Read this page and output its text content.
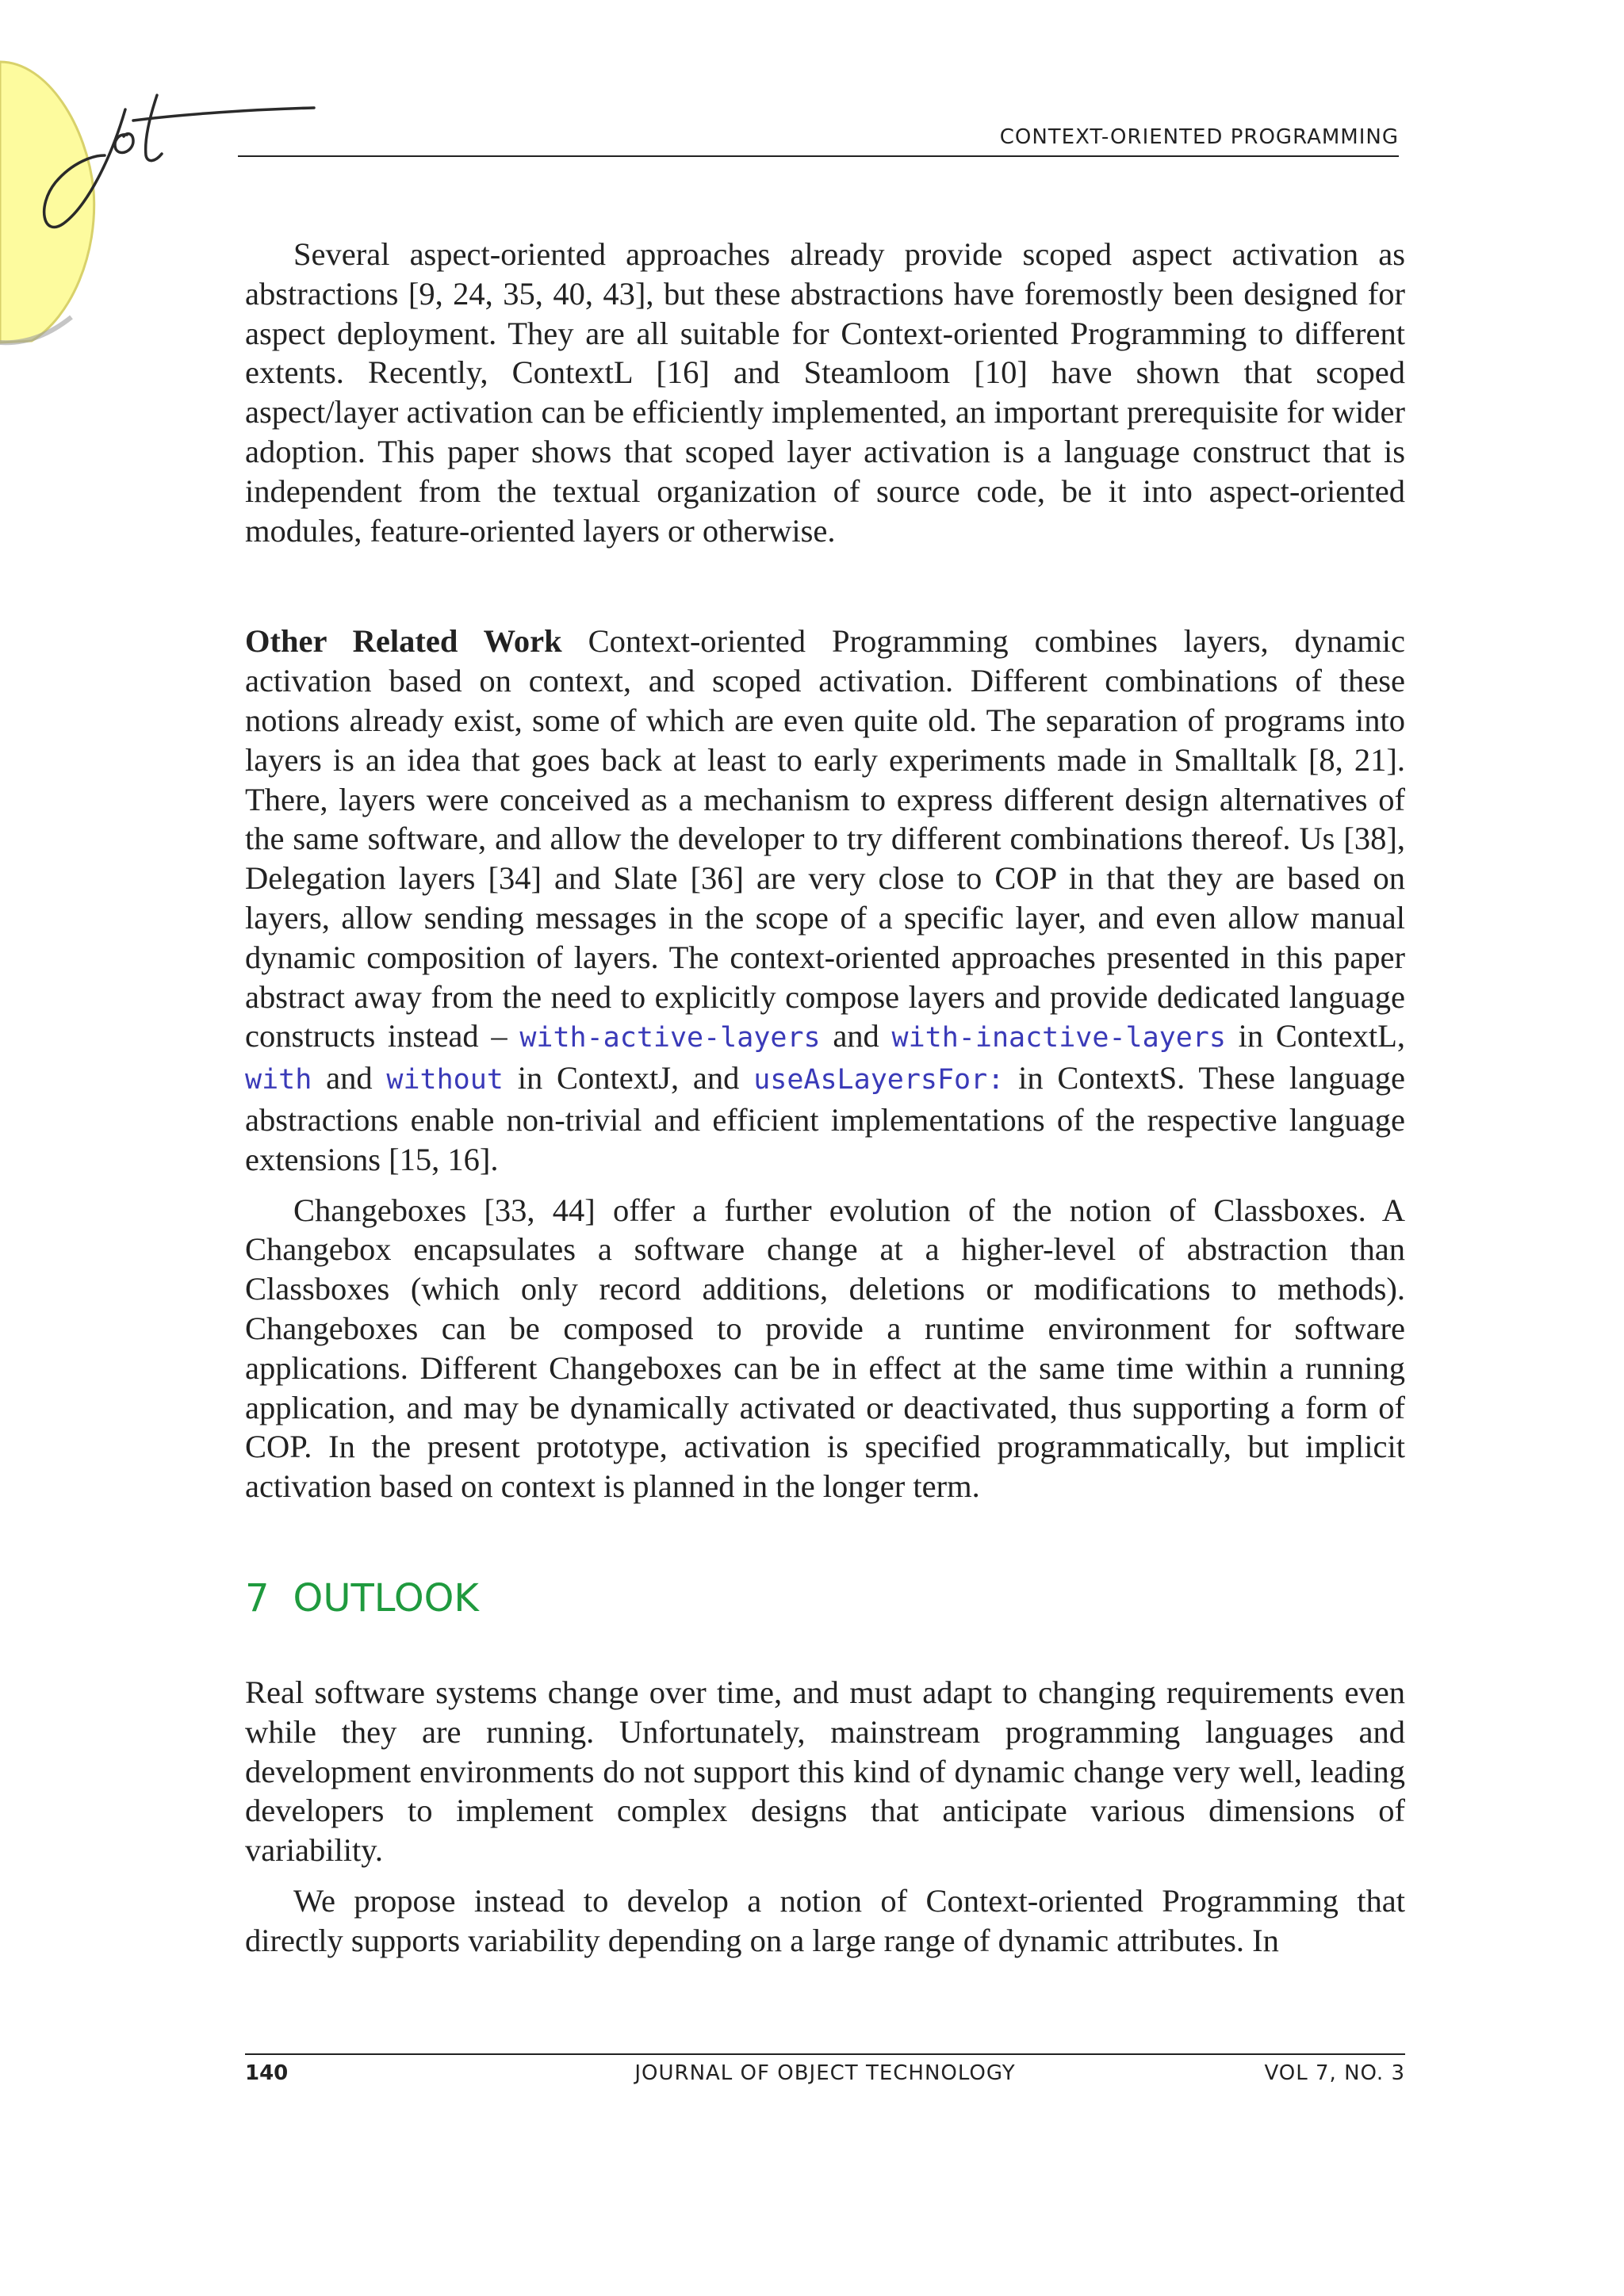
CONTEXT-ORIENTED PROGRAMMING

Several aspect-oriented approaches already provide scoped aspect activation as abstractions [9, 24, 35, 40, 43], but these abstractions have foremostly been designed for aspect deployment. They are all suitable for Context-oriented Programming to different extents. Recently, ContextL [16] and Steamloom [10] have shown that scoped aspect/layer activation can be efficiently implemented, an important prerequisite for wider adoption. This paper shows that scoped layer activation is a language construct that is independent from the textual organization of source code, be it into aspect-oriented modules, feature-oriented layers or otherwise.

Other Related Work Context-oriented Programming combines layers, dynamic activation based on context, and scoped activation. Different combinations of these notions already exist, some of which are even quite old. The separation of programs into layers is an idea that goes back at least to early experiments made in Smalltalk [8, 21]. There, layers were conceived as a mechanism to express different design alternatives of the same software, and allow the developer to try different combinations thereof. Us [38], Delegation layers [34] and Slate [36] are very close to COP in that they are based on layers, allow sending messages in the scope of a specific layer, and even allow manual dynamic composition of layers. The context-oriented approaches presented in this paper abstract away from the need to explicitly compose layers and provide dedicated language constructs instead – with-active-layers and with-inactive-layers in ContextL, with and without in ContextJ, and useAsLayersFor: in ContextS. These language abstractions enable non-trivial and efficient implementations of the respective language extensions [15, 16].

Changeboxes [33, 44] offer a further evolution of the notion of Classboxes. A Changebox encapsulates a software change at a higher-level of abstraction than Classboxes (which only record additions, deletions or modifications to methods). Changeboxes can be composed to provide a runtime environment for software applications. Different Changeboxes can be in effect at the same time within a running application, and may be dynamically activated or deactivated, thus supporting a form of COP. In the present prototype, activation is specified programmatically, but implicit activation based on context is planned in the longer term.

7 OUTLOOK

Real software systems change over time, and must adapt to changing requirements even while they are running. Unfortunately, mainstream programming languages and development environments do not support this kind of dynamic change very well, leading developers to implement complex designs that anticipate various dimensions of variability.

We propose instead to develop a notion of Context-oriented Programming that directly supports variability depending on a large range of dynamic attributes. In

140	JOURNAL OF OBJECT TECHNOLOGY	VOL 7, NO. 3
